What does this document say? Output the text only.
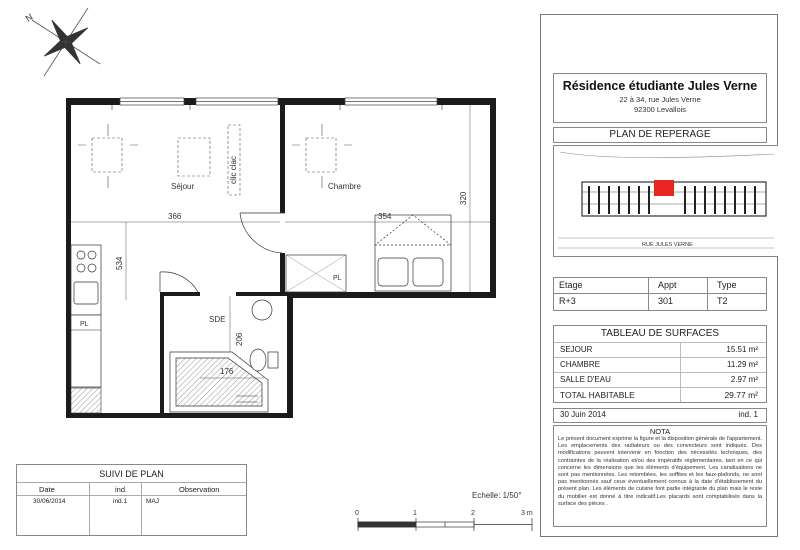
N
Séjour	Chambre
SDE
clic clac
PL
PL
366	354
320
534
206
176
Echelle: 1/50°
0	1	2	3 m
SUIVI DE PLAN
Date	ind.	Observation
30/06/2014	ind.1	MAJ
Résidence étudiante Jules Verne
22 à 34, rue Jules Verne
92300 Levallois
PLAN DE REPERAGE
RUE JULES VERNE
Etage	Appt	Type
R+3	301	T2
TABLEAU DE SURFACES
SEJOUR	15.51 m²
CHAMBRE	11.29 m²
SALLE D'EAU	2.97 m²
TOTAL HABITABLE	29.77 m²
30 Juin 2014	ind. 1
NOTA
Le présent document exprime la figure et la disposition générale de l'appartement. Les emplacements des radiateurs ou des convecteurs sont indiqués. Des modifications peuvent intervenir en fonction des nécessités techniques, des contraintes de la réalisation et/ou des impératifs réglementaires, tant en ce qui concerne les dimensions que les éléments d'équipement. Les canalisations ne sont pas mentionnées. Les retombées, les soffites et les faux-plafonds, ne sont pas mentionnés sauf ceux éventuellement connus à la date d'établissement du présent plan. Les éléments de cuisine font partie intégrante du plan mais le reste du mobilier est donné à titre indicatif.Les placards sont comptabilisés dans la surface des pièces .
